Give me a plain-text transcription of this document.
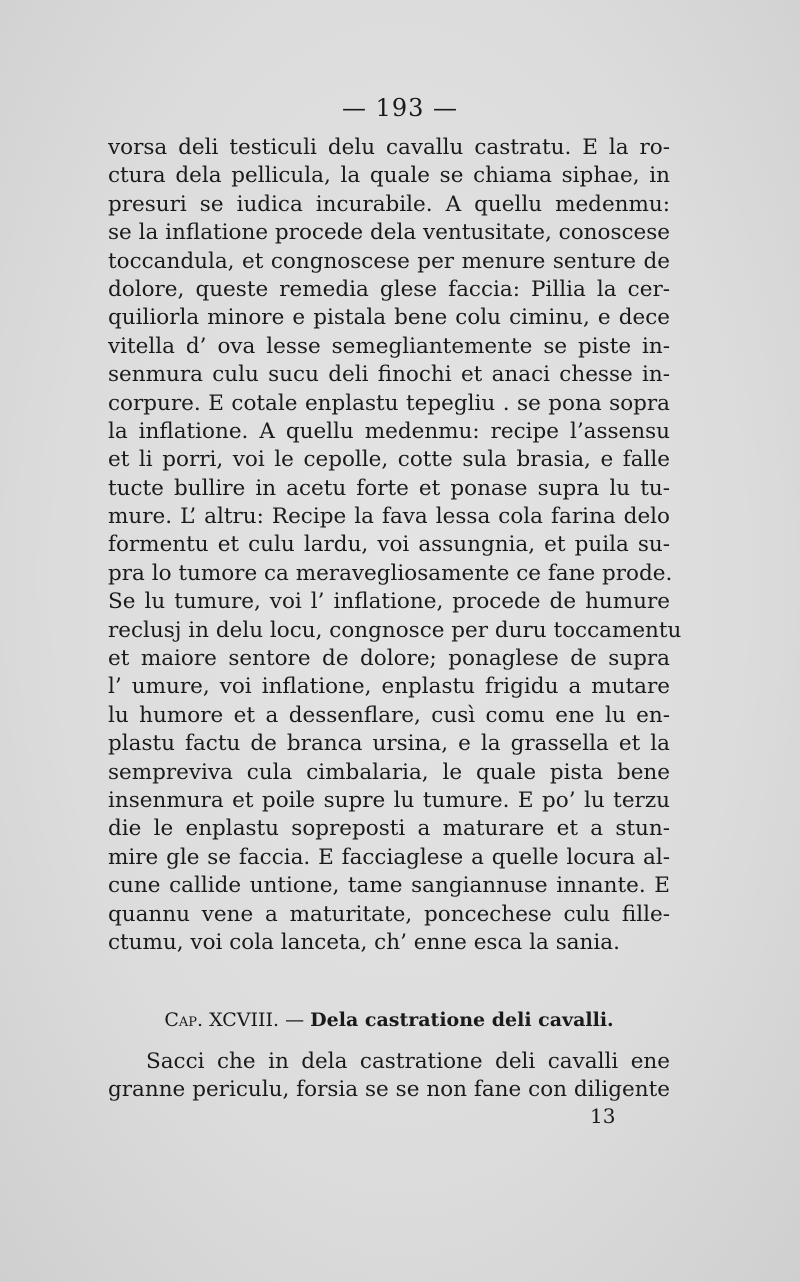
— 193 —
vorsa deli testiculi delu cavallu castratu. E la ro-
ctura dela pellicula, la quale se chiama siphae, in
presuri se iudica incurabile. A quellu medenmu:
se la inflatione procede dela ventusitate, conoscese
toccandula, et congnoscese per menure senture de
dolore, queste remedia glese faccia: Pillia la cer-
quiliorla minore e pistala bene colu ciminu, e dece
vitella d’ ova lesse semegliantemente se piste in-
senmura culu sucu deli finochi et anaci chesse in-
corpure. E cotale enplastu tepegliu . se pona sopra
la inflatione. A quellu medenmu: recipe l’assensu
et li porri, voi le cepolle, cotte sula brasia, e falle
tucte bullire in acetu forte et ponase supra lu tu-
mure. L’ altru: Recipe la fava lessa cola farina delo
formentu et culu lardu, voi assungnia, et puila su-
pra lo tumore ca meravegliosamente ce fane prode.
Se lu tumure, voi l’ inflatione, procede de humure
reclusj in delu locu, congnosce per duru toccamentu
et maiore sentore de dolore; ponaglese de supra
l’ umure, voi inflatione, enplastu frigidu a mutare
lu humore et a dessenflare, cusì comu ene lu en-
plastu factu de branca ursina, e la grassella et la
sempreviva cula cimbalaria, le quale pista bene
insenmura et poile supre lu tumure. E po’ lu terzu
die le enplastu sopreposti a maturare et a stun-
mire gle se faccia. E facciaglese a quelle locura al-
cune callide untione, tame sangiannuse innante. E
quannu vene a maturitate, poncechese culu fille-
ctumu, voi cola lanceta, ch’ enne esca la sania.
Cap. XCVIII. — Dela castratione deli cavalli.
Sacci che in dela castratione deli cavalli ene
granne periculu, forsia se se non fane con diligente
13
